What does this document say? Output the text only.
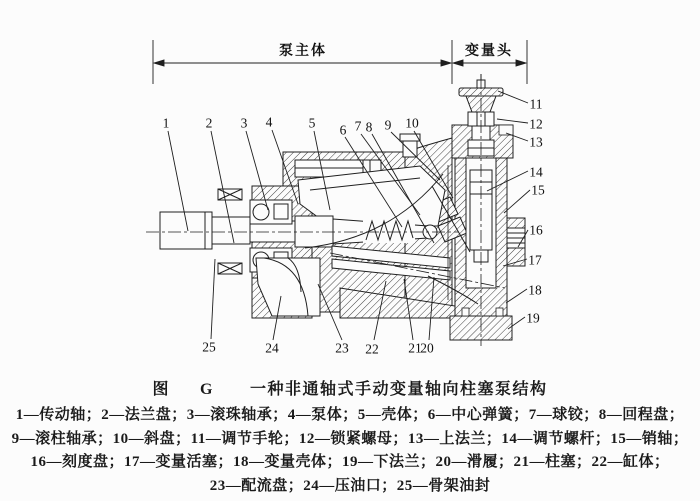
泵主体	变量头
1	2 3 4	5 6 7 8 9 10
11
12
13
14
15
16
17
18
19
20
21
22
23
24
25
图 G 一种非通轴式手动变量轴向柱塞泵结构
1—传动轴；2—法兰盘；3—滚珠轴承；4—泵体；5—壳体；6—中心弹簧；7—球铰；8—回程盘；
9—滚柱轴承；10—斜盘；11—调节手轮；12—锁紧螺母；13—上法兰；14—调节螺杆；15—销轴；
16—刻度盘；17—变量活塞；18—变量壳体；19—下法兰；20—滑履；21—柱塞；22—缸体；
23—配流盘；24—压油口；25—骨架油封
